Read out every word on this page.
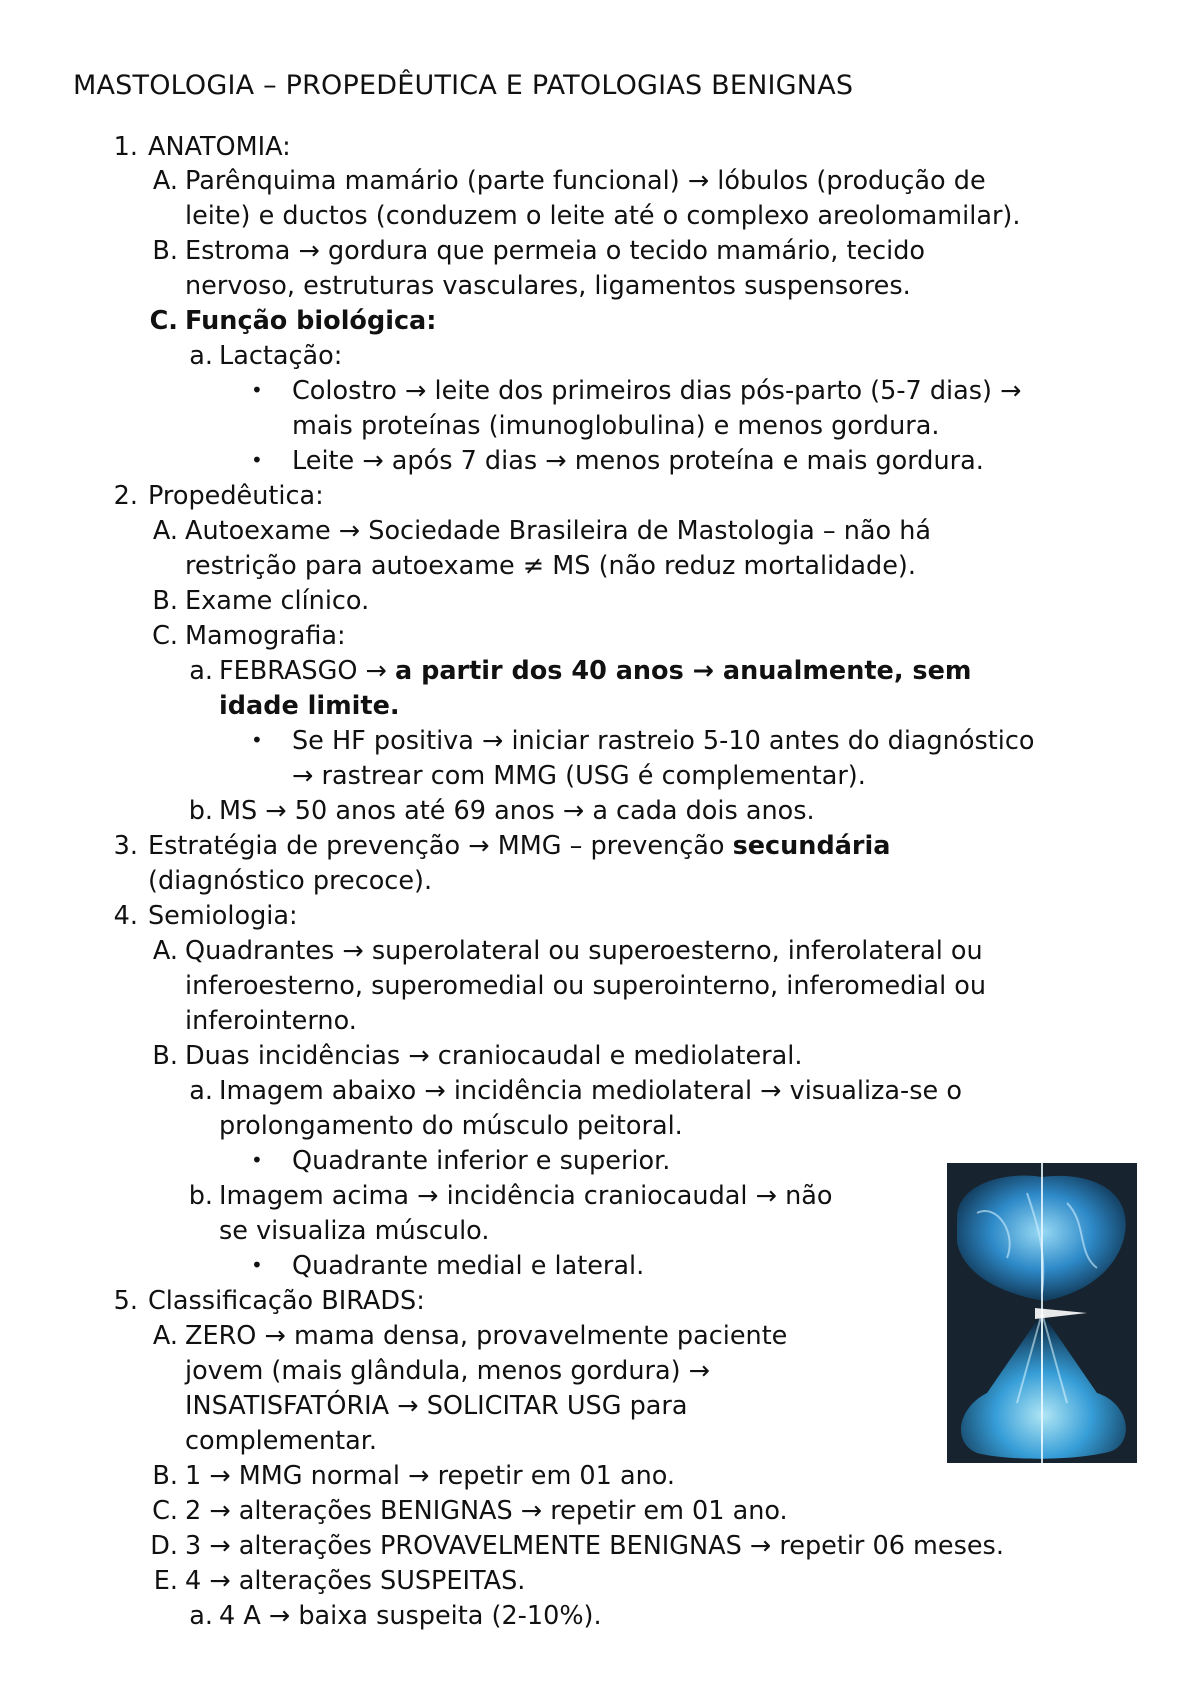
MASTOLOGIA – PROPEDÊUTICA E PATOLOGIAS BENIGNAS
1. ANATOMIA:
A. Parênquima mamário (parte funcional) → lóbulos (produção de
leite) e ductos (conduzem o leite até o complexo areolomamilar).
B. Estroma → gordura que permeia o tecido mamário, tecido
nervoso, estruturas vasculares, ligamentos suspensores.
C. Função biológica:
a. Lactação:
• Colostro → leite dos primeiros dias pós-parto (5-7 dias) →
mais proteínas (imunoglobulina) e menos gordura.
• Leite → após 7 dias → menos proteína e mais gordura.
2. Propedêutica:
A. Autoexame → Sociedade Brasileira de Mastologia – não há
restrição para autoexame ≠ MS (não reduz mortalidade).
B. Exame clínico.
C. Mamografia:
a. FEBRASGO → a partir dos 40 anos → anualmente, sem
idade limite.
• Se HF positiva → iniciar rastreio 5-10 antes do diagnóstico
→ rastrear com MMG (USG é complementar).
b. MS → 50 anos até 69 anos → a cada dois anos.
3. Estratégia de prevenção → MMG – prevenção secundária
(diagnóstico precoce).
4. Semiologia:
A. Quadrantes → superolateral ou superoesterno, inferolateral ou
inferoesterno, superomedial ou superointerno, inferomedial ou
inferointerno.
B. Duas incidências → craniocaudal e mediolateral.
a. Imagem abaixo → incidência mediolateral → visualiza-se o
prolongamento do músculo peitoral.
• Quadrante inferior e superior.
b. Imagem acima → incidência craniocaudal → não
se visualiza músculo.
• Quadrante medial e lateral.
5. Classificação BIRADS:
A. ZERO → mama densa, provavelmente paciente
jovem (mais glândula, menos gordura) →
INSATISFATÓRIA → SOLICITAR USG para
complementar.
B. 1 → MMG normal → repetir em 01 ano.
C. 2 → alterações BENIGNAS → repetir em 01 ano.
D. 3 → alterações PROVAVELMENTE BENIGNAS → repetir 06 meses.
E. 4 → alterações SUSPEITAS.
a. 4 A → baixa suspeita (2-10%).
